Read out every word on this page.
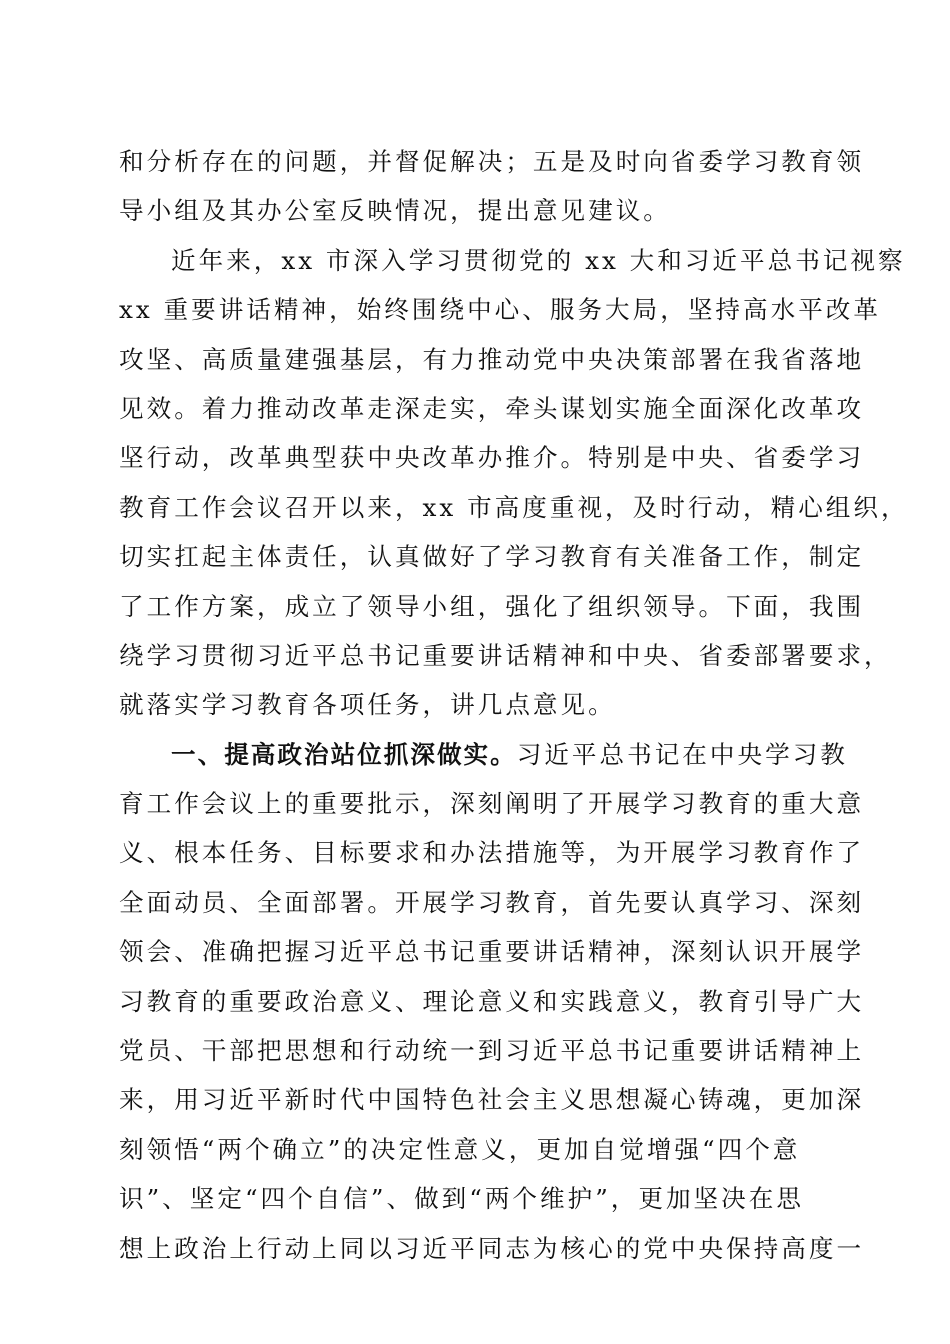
和分析存在的问题，并督促解决；五是及时向省委学习教育领
导小组及其办公室反映情况，提出意见建议。
近年来，xx 市深入学习贯彻党的 xx 大和习近平总书记视察
xx 重要讲话精神，始终围绕中心、服务大局，坚持高水平改革
攻坚、高质量建强基层，有力推动党中央决策部署在我省落地
见效。着力推动改革走深走实，牵头谋划实施全面深化改革攻
坚行动，改革典型获中央改革办推介。特别是中央、省委学习
教育工作会议召开以来，xx 市高度重视，及时行动，精心组织，
切实扛起主体责任，认真做好了学习教育有关准备工作，制定
了工作方案，成立了领导小组，强化了组织领导。下面，我围
绕学习贯彻习近平总书记重要讲话精神和中央、省委部署要求，
就落实学习教育各项任务，讲几点意见。
一、提高政治站位抓深做实。习近平总书记在中央学习教
育工作会议上的重要批示，深刻阐明了开展学习教育的重大意
义、根本任务、目标要求和办法措施等，为开展学习教育作了
全面动员、全面部署。开展学习教育，首先要认真学习、深刻
领会、准确把握习近平总书记重要讲话精神，深刻认识开展学
习教育的重要政治意义、理论意义和实践意义，教育引导广大
党员、干部把思想和行动统一到习近平总书记重要讲话精神上
来，用习近平新时代中国特色社会主义思想凝心铸魂，更加深
刻领悟“两个确立”的决定性意义，更加自觉增强“四个意
识”、坚定“四个自信”、做到“两个维护”，更加坚决在思
想上政治上行动上同以习近平同志为核心的党中央保持高度一
